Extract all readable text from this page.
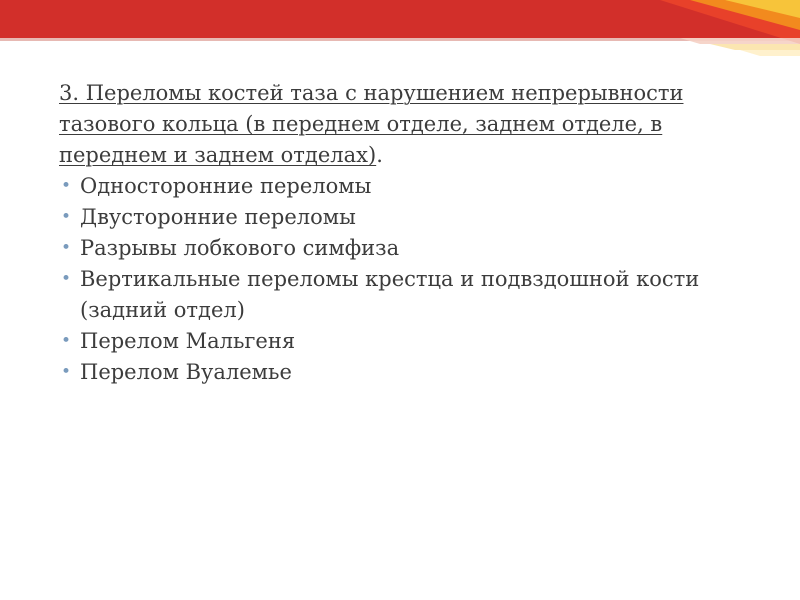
3. Переломы костей таза с нарушением непрерывности тазового кольца (в переднем отделе, заднем отделе, в переднем и заднем отделах).

• Односторонние переломы
• Двусторонние переломы
• Разрывы лобкового симфиза
• Вертикальные переломы крестца и подвздошной кости (задний отдел)
• Перелом Мальгеня
• Перелом Вуалемье
